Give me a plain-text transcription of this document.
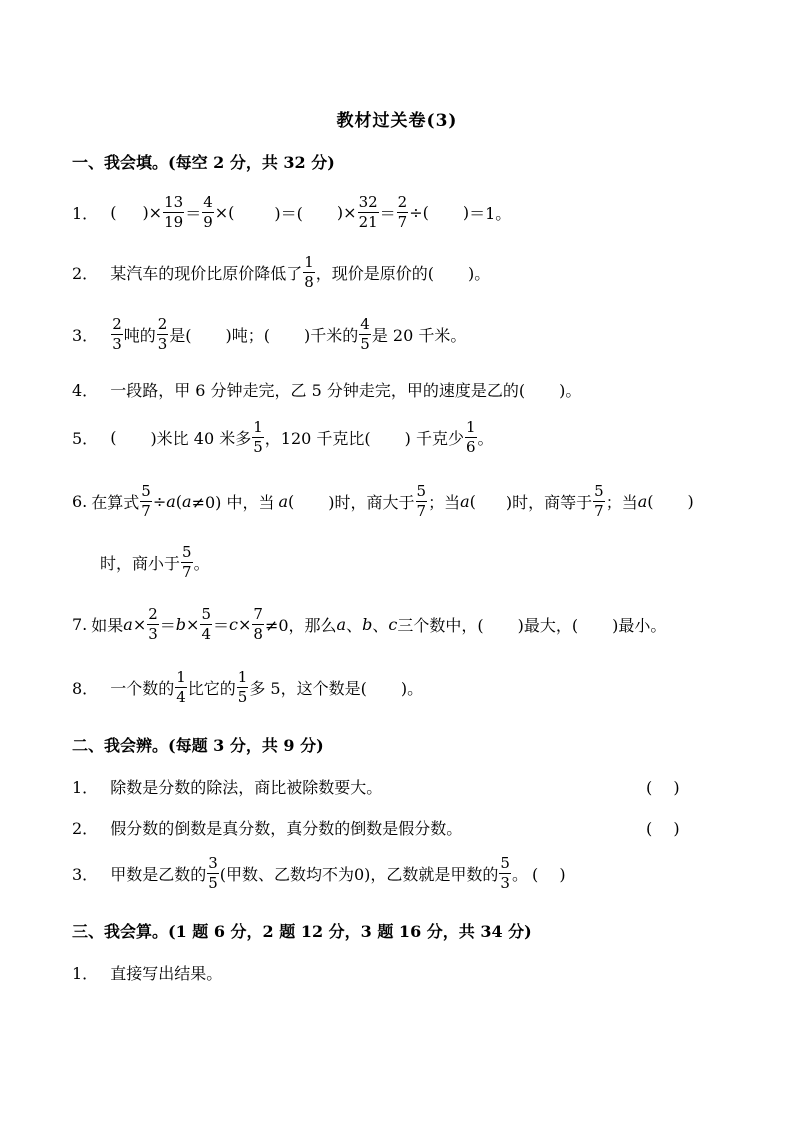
教材过关卷(3)
一、我会填。(每空 2 分，共 32 分)
1． ( )× $\frac{13}{19} = \frac{4}{9}$ ×(	)＝( )× $\frac{32}{21} = \frac{2}{7}$ ÷( ) ＝1。
2． 某汽车的现价比原价降低了 $\frac{1}{8}$ ，现价是原价的( )。
3． $\frac{2}{3}$ 吨的 $\frac{2}{3}$ 是( )吨；( )千米的 $\frac{4}{5}$ 是 20 千米。
4． 一段路，甲 6 分钟走完，乙 5 分钟走完，甲的速度是乙的( )。
5． ( )米比 40 米多 $\frac{1}{5}$ ，120 千克比( ) 千克少 $\frac{1}{6}$ 。
6. 在算式 $\frac{5}{7} \div a$ ( a ≠0) 中，当 a ( )时，商大于 $\frac{5}{7}$ ；当 a ( )时，商等于 $\frac{5}{7}$ ；当 a ( )
时，商小于 $\frac{5}{7}$ 。
7. 如果 $a \times \frac{2}{3} = b \times \frac{5}{4} = c \times \frac{7}{8} \ne 0$，那么 a 、 b 、 c 三个数中，( )最大，( )最小。
8． 一个数的 $\frac{1}{4}$ 比它的 $\frac{1}{5}$ 多 5，这个数是( )。
二、我会辨。(每题 3 分，共 9 分)
1． 除数是分数的除法，商比被除数要大。	(　 )
2． 假分数的倒数是真分数，真分数的倒数是假分数。	(　 )
3． 甲数是乙数的 $\frac{3}{5}$ (甲数、乙数均不为0)，乙数就是甲数的 $\frac{5}{3}$ 。 (　 )
三、我会算。(1 题 6 分，2 题 12 分，3 题 16 分，共 34 分)
1． 直接写出结果。
